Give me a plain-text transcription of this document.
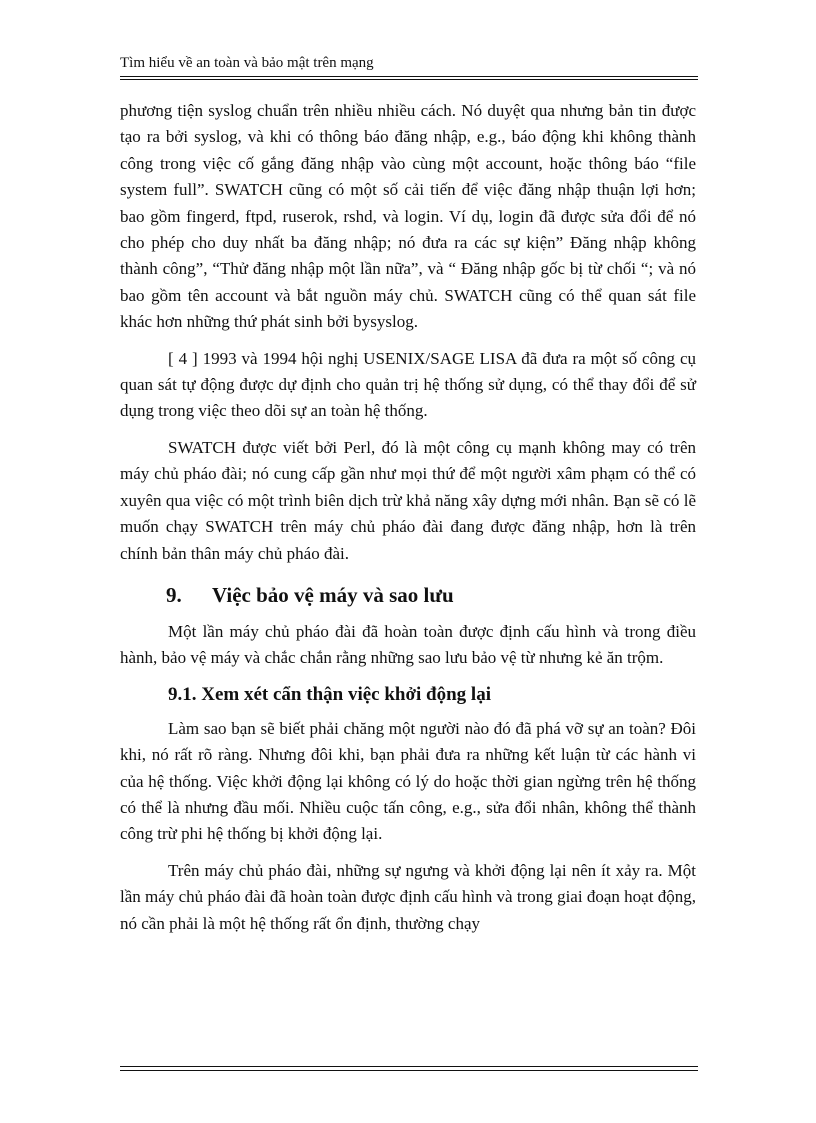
Tìm hiểu về an toàn và bảo mật trên mạng

phương tiện syslog chuẩn trên nhiều nhiều cách. Nó duyệt qua nhưng bản tin được tạo ra bởi syslog, và khi có thông báo đăng nhập, e.g., báo động khi không thành công trong việc cố gắng đăng nhập vào cùng một account, hoặc thông báo “file system full”. SWATCH cũng có một số cải tiến để việc đăng nhập thuận lợi hơn; bao gồm fingerd, ftpd, ruserok, rshd, và login. Ví dụ, login đã được sửa đổi để nó cho phép cho duy nhất ba đăng nhập; nó đưa ra các sự kiện” Đăng nhập không thành công”, “Thử đăng nhập một lần nữa”, và “ Đăng nhập gốc bị từ chối “; và nó bao gồm tên account và bắt nguồn máy chủ. SWATCH cũng có thể quan sát file khác hơn những thứ phát sinh bởi bysyslog.

[ 4 ] 1993 và 1994 hội nghị USENIX/SAGE LISA đã đưa ra một số công cụ quan sát tự động được dự định cho quản trị hệ thống sử dụng, có thể thay đổi để sử dụng trong việc theo dõi sự an toàn hệ thống.

SWATCH được viết bởi Perl, đó là một công cụ mạnh không may có trên máy chủ pháo đài; nó cung cấp gần như mọi thứ để một người xâm phạm có thể có xuyên qua việc có một trình biên dịch trừ khả năng xây dựng mới nhân. Bạn sẽ có lẽ muốn chạy SWATCH trên máy chủ pháo đài đang được đăng nhập, hơn là trên chính bản thân máy chủ pháo đài.

9. Việc bảo vệ máy và sao lưu

Một lần máy chủ pháo đài đã hoàn toàn được định cấu hình và trong điều hành, bảo vệ máy và chắc chắn rằng những sao lưu bảo vệ từ nhưng kẻ ăn trộm.

9.1. Xem xét cẩn thận việc khởi động lại

Làm sao bạn sẽ biết phải chăng một người nào đó đã phá vỡ sự an toàn? Đôi khi, nó rất rõ ràng. Nhưng đôi khi, bạn phải đưa ra những kết luận từ các hành vi của hệ thống. Việc khởi động lại không có lý do hoặc thời gian ngừng trên hệ thống có thể là nhưng đầu mối. Nhiều cuộc tấn công, e.g., sửa đổi nhân, không thể thành công trừ phi hệ thống bị khởi động lại.

Trên máy chủ pháo đài, những sự ngưng và khởi động lại nên ít xảy ra. Một lần máy chủ pháo đài đã hoàn toàn được định cấu hình và trong giai đoạn hoạt động, nó cần phải là một hệ thống rất ổn định, thường chạy
